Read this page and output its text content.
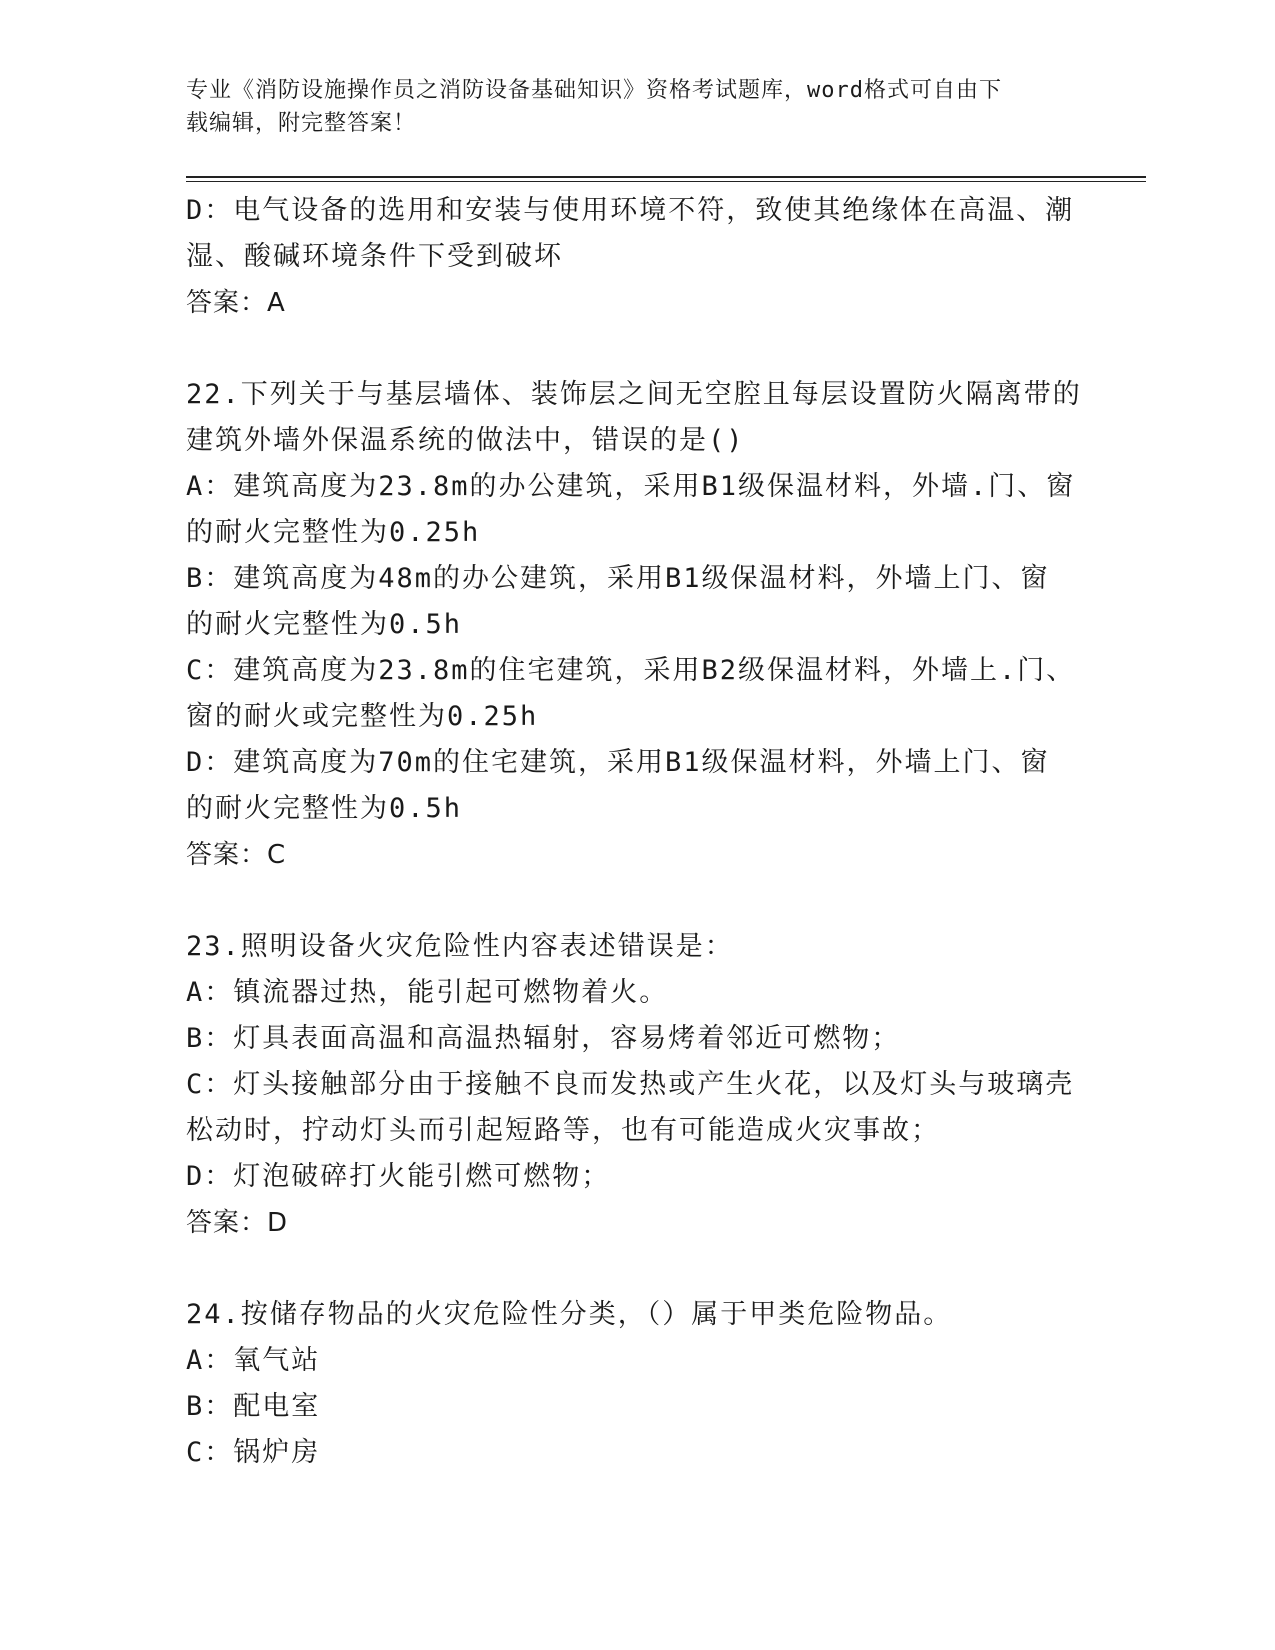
专业《消防设施操作员之消防设备基础知识》资格考试题库，word格式可自由下
载编辑，附完整答案！

D：电气设备的选用和安装与使用环境不符，致使其绝缘体在高温、潮

湿、酸碱环境条件下受到破坏

答案：A

22.下列关于与基层墙体、装饰层之间无空腔且每层设置防火隔离带的

建筑外墙外保温系统的做法中，错误的是()

A：建筑高度为23.8m的办公建筑，采用B1级保温材料，外墙.门、窗

的耐火完整性为0.25h

B：建筑高度为48m的办公建筑，采用B1级保温材料，外墙上门、窗

的耐火完整性为0.5h

C：建筑高度为23.8m的住宅建筑，采用B2级保温材料，外墙上.门、

窗的耐火或完整性为0.25h

D：建筑高度为70m的住宅建筑，采用B1级保温材料，外墙上门、窗

的耐火完整性为0.5h

答案：C

23.照明设备火灾危险性内容表述错误是：

A：镇流器过热，能引起可燃物着火。

B：灯具表面高温和高温热辐射，容易烤着邻近可燃物；

C：灯头接触部分由于接触不良而发热或产生火花，以及灯头与玻璃壳

松动时，拧动灯头而引起短路等，也有可能造成火灾事故；

D：灯泡破碎打火能引燃可燃物；

答案：D

24.按储存物品的火灾危险性分类，（）属于甲类危险物品。

A：氧气站

B：配电室

C：锅炉房
